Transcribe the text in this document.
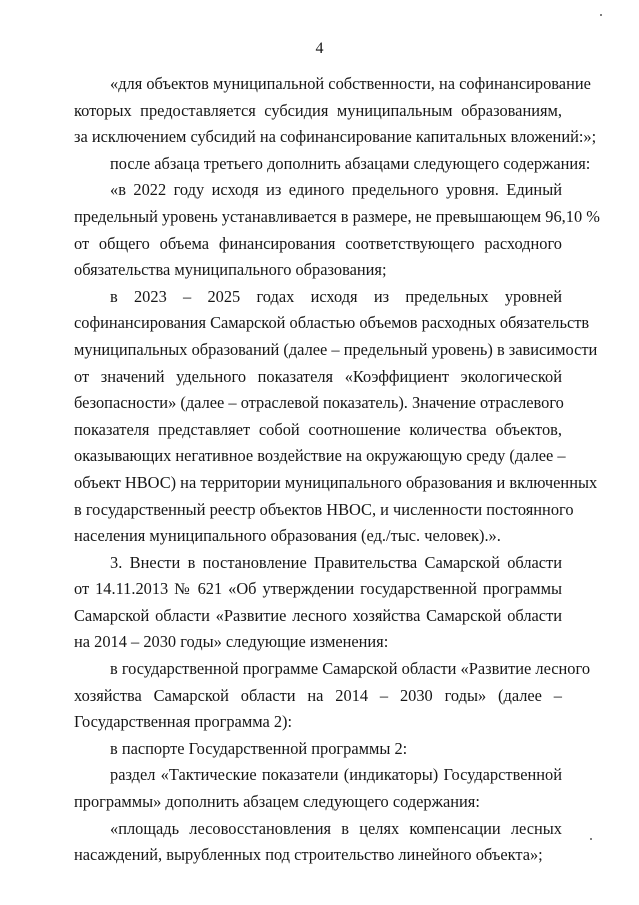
4
«для объектов муниципальной собственности, на софинансирование
которых предоставляется субсидия муниципальным образованиям,
за исключением субсидий на софинансирование капитальных вложений:»;
после абзаца третьего дополнить абзацами следующего содержания:
«в 2022 году исходя из единого предельного уровня. Единый
предельный уровень устанавливается в размере, не превышающем 96,10 %
от общего объема финансирования соответствующего расходного
обязательства муниципального образования;
в 2023 – 2025 годах исходя из предельных уровней
софинансирования Самарской областью объемов расходных обязательств
муниципальных образований (далее – предельный уровень) в зависимости
от значений удельного показателя «Коэффициент экологической
безопасности» (далее – отраслевой показатель). Значение отраслевого
показателя представляет собой соотношение количества объектов,
оказывающих негативное воздействие на окружающую среду (далее –
объект НВОС) на территории муниципального образования и включенных
в государственный реестр объектов НВОС, и численности постоянного
населения муниципального образования (ед./тыс. человек).».
3. Внести в постановление Правительства Самарской области
от 14.11.2013 № 621 «Об утверждении государственной программы
Самарской области «Развитие лесного хозяйства Самарской области
на 2014 – 2030 годы» следующие изменения:
в государственной программе Самарской области «Развитие лесного
хозяйства Самарской области на 2014 – 2030 годы» (далее –
Государственная программа 2):
в паспорте Государственной программы 2:
раздел «Тактические показатели (индикаторы) Государственной
программы» дополнить абзацем следующего содержания:
«площадь лесовосстановления в целях компенсации лесных
насаждений, вырубленных под строительство линейного объекта»;
